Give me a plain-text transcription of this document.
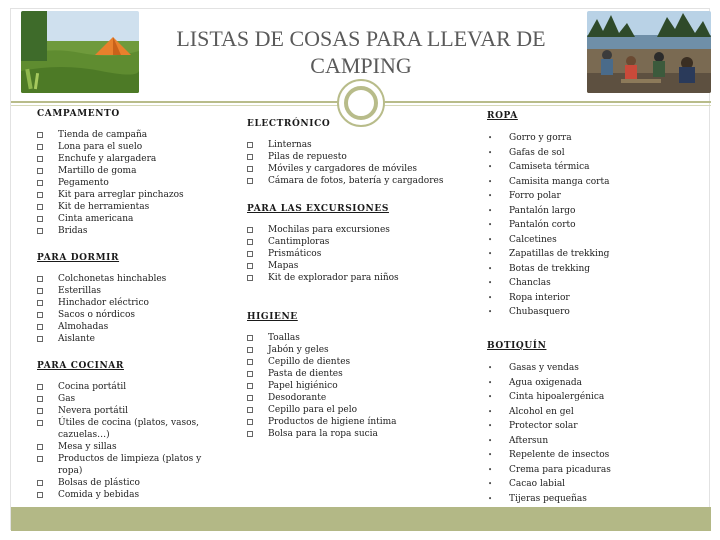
LISTAS DE COSAS PARA LLEVAR DE CAMPING
CAMPAMENTO
Tienda de campaña
Lona para el suelo
Enchufe y alargadera
Martillo de goma
Pegamento
Kit para arreglar pinchazos
Kit de herramientas
Cinta americana
Bridas
PARA DORMIR
Colchonetas hinchables
Esterillas
Hinchador eléctrico
Sacos o nórdicos
Almohadas
Aislante
PARA COCINAR
Cocina portátil
Gas
Nevera portátil
Útiles de cocina (platos, vasos, cazuelas…)
Mesa y sillas
Productos de limpieza (platos y ropa)
Bolsas de plástico
Comida y bebidas
ELECTRÓNICO
Linternas
Pilas de repuesto
Móviles y cargadores de móviles
Cámara de fotos, batería y cargadores
PARA LAS EXCURSIONES
Mochilas para excursiones
Cantimploras
Prismáticos
Mapas
Kit de explorador para niños
HIGIENE
Toallas
Jabón y geles
Cepillo de dientes
Pasta de dientes
Papel higiénico
Desodorante
Cepillo para el pelo
Productos de higiene íntima
Bolsa para la ropa sucia
ROPA
•	Gorro y gorra
•	Gafas de sol
•	Camiseta térmica
•	Camisita manga corta
•	Forro polar
•	Pantalón largo
•	Pantalón corto
•	Calcetines
•	Zapatillas de trekking
•	Botas de trekking
•	Chanclas
•	Ropa interior
•	Chubasquero
BOTIQUÍN
•	Gasas y vendas
•	Agua oxigenada
•	Cinta hipoalergénica
•	Alcohol en gel
•	Protector solar
•	Aftersun
•	Repelente de insectos
•	Crema para picaduras
•	Cacao labial
•	Tijeras pequeñas
